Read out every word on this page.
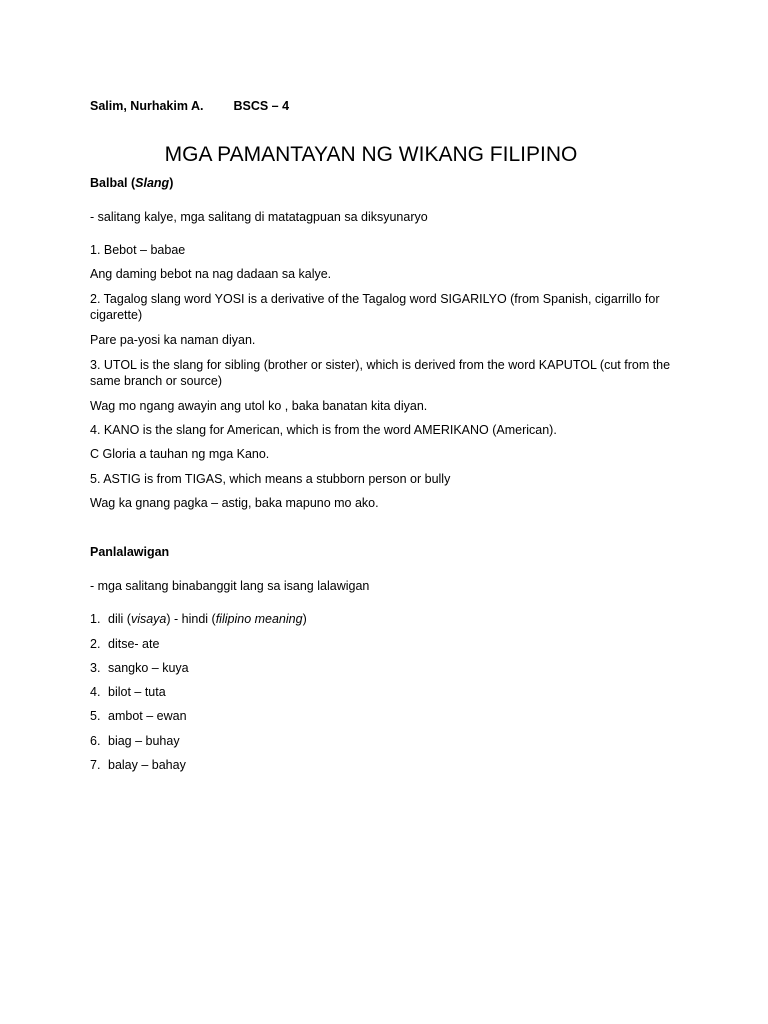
Salim, Nurhakim A. BSCS – 4
MGA PAMANTAYAN NG WIKANG FILIPINO
Balbal (Slang)
- salitang kalye, mga salitang di matatagpuan sa diksyunaryo
1. Bebot – babae
Ang daming bebot na nag dadaan sa kalye.
2. Tagalog slang word YOSI is a derivative of the Tagalog word SIGARILYO (from Spanish, cigarrillo for cigarette)
Pare pa-yosi ka naman diyan.
3. UTOL is the slang for sibling (brother or sister), which is derived from the word KAPUTOL (cut from the same branch or source)
Wag mo ngang awayin ang utol ko , baka banatan kita diyan.
4. KANO is the slang for American, which is from the word AMERIKANO (American).
C Gloria a tauhan ng mga Kano.
5. ASTIG is from TIGAS, which means a stubborn person or bully
Wag ka gnang pagka – astig, baka mapuno mo ako.
Panlalawigan
- mga salitang binabanggit lang sa isang lalawigan
1. dili (visaya) - hindi (filipino meaning)
2. ditse- ate
3. sangko – kuya
4. bilot – tuta
5. ambot – ewan
6. biag – buhay
7. balay – bahay
